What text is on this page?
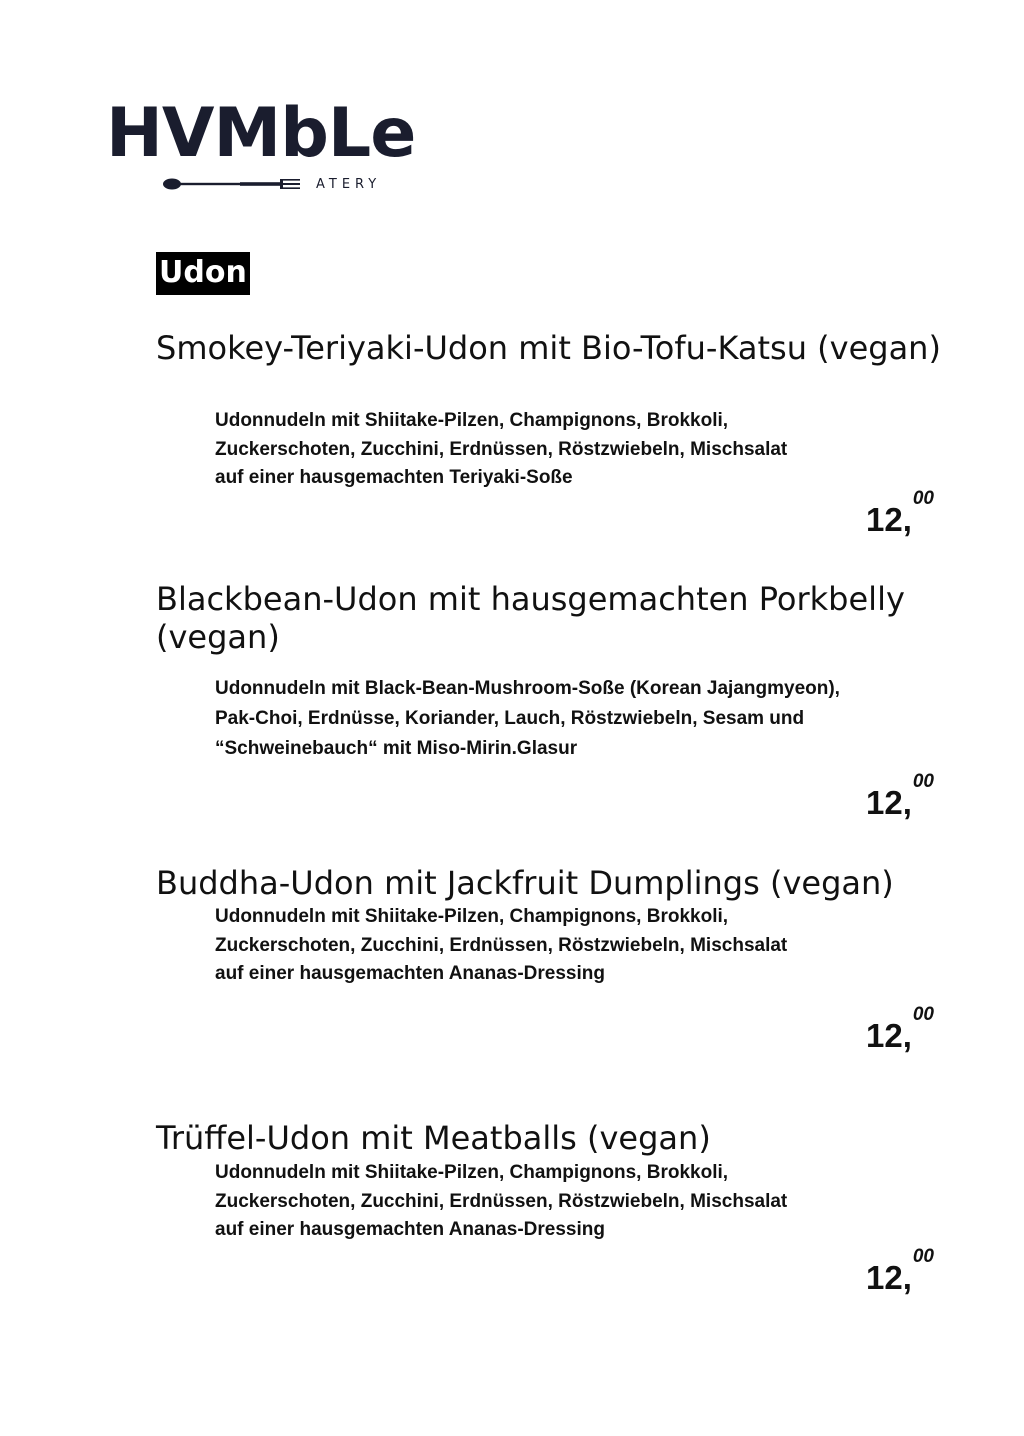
HVMbLe
ATERY
Udon
Smokey-Teriyaki-Udon mit Bio-Tofu-Katsu (vegan)
Udonnudeln mit Shiitake-Pilzen, Champignons, Brokkoli,
Zuckerschoten, Zucchini, Erdnüssen, Röstzwiebeln, Mischsalat
auf einer hausgemachten Teriyaki-Soße
12,00
Blackbean-Udon mit hausgemachten Porkbelly (vegan)
Udonnudeln mit Black-Bean-Mushroom-Soße (Korean Jajangmyeon),
Pak-Choi, Erdnüsse, Koriander, Lauch, Röstzwiebeln, Sesam und
“Schweinebauch“ mit Miso-Mirin.Glasur
12,00
Buddha-Udon mit Jackfruit Dumplings (vegan)
Udonnudeln mit Shiitake-Pilzen, Champignons, Brokkoli,
Zuckerschoten, Zucchini, Erdnüssen, Röstzwiebeln, Mischsalat
auf einer hausgemachten Ananas-Dressing
12,00
Trüffel-Udon mit Meatballs (vegan)
Udonnudeln mit Shiitake-Pilzen, Champignons, Brokkoli,
Zuckerschoten, Zucchini, Erdnüssen, Röstzwiebeln, Mischsalat
auf einer hausgemachten Ananas-Dressing
12,00
